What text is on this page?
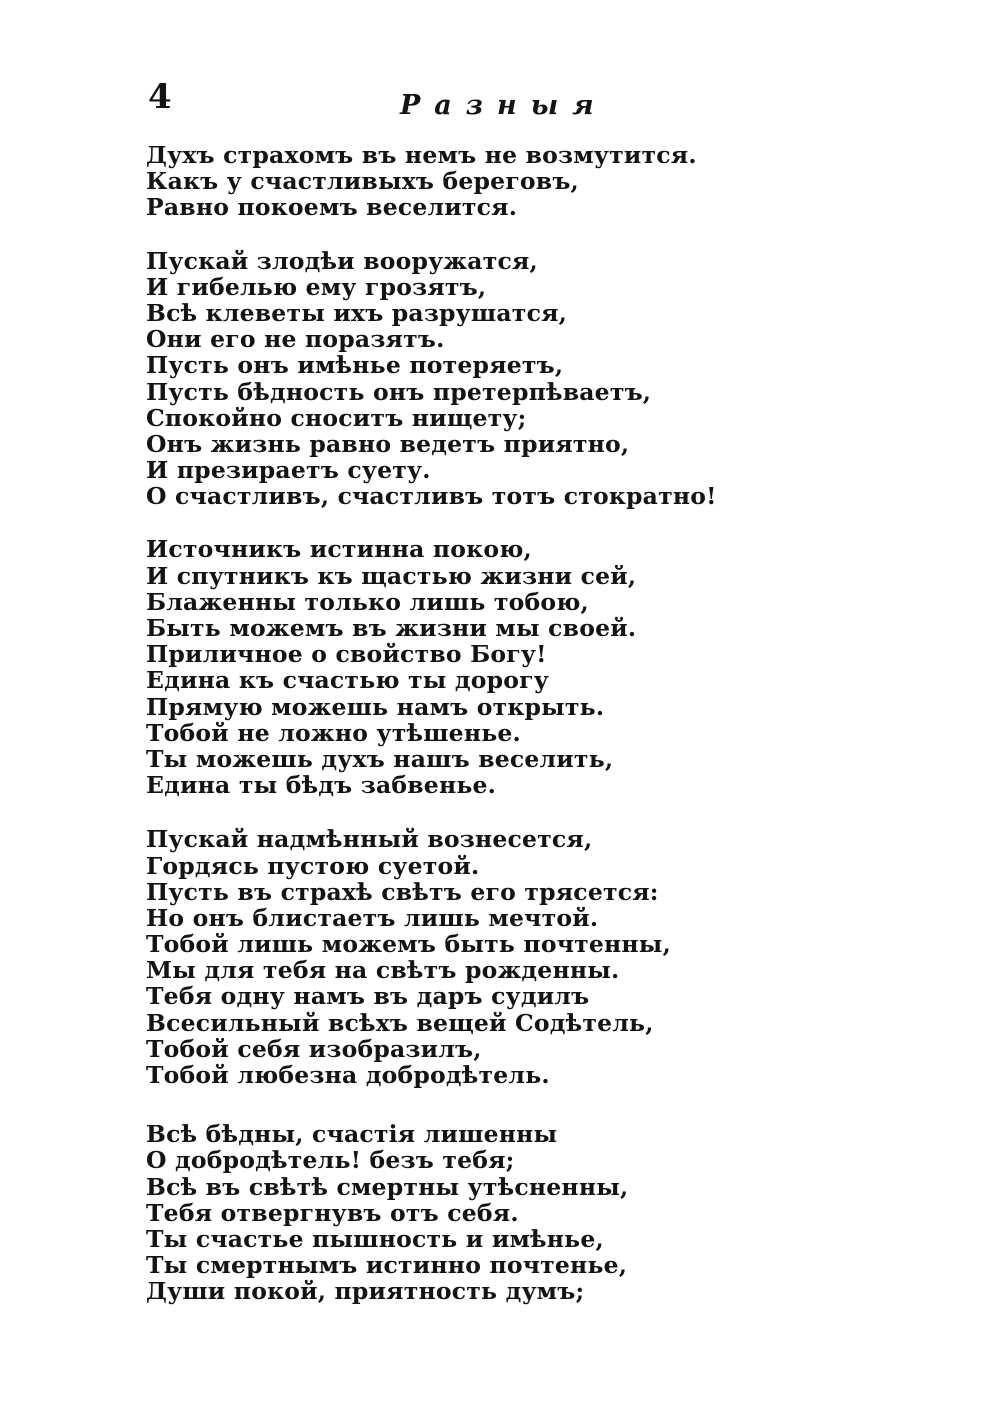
4	Разныя
Духъ страхомъ въ немъ не возмутится.
Какъ у счастливыхъ береговъ,
Равно покоемъ веселится.
Пускай злодѣи вооружатся,
И гибелью ему грозятъ,
Всѣ клеветы ихъ разрушатся,
Они его не поразятъ.
Пусть онъ имѣнье потеряетъ,
Пусть бѣдность онъ претерпѣваетъ,
Спокойно сноситъ нищету;
Онъ жизнь равно ведетъ приятно,
И презираетъ суету.
О счастливъ, счастливъ тотъ стократно!
Источникъ истинна покою,
И спутникъ къ щастью жизни сей,
Блаженны только лишь тобою,
Быть можемъ въ жизни мы своей.
Приличное о свойство Богу!
Едина къ счастью ты дорогу
Прямую можешь намъ открыть.
Тобой не ложно утѣшенье.
Ты можешь духъ нашъ веселить,
Едина ты бѣдъ забвенье.
Пускай надмѣнный вознесется,
Гордясь пустою суетой.
Пусть въ страхѣ свѣтъ его трясется:
Но онъ блистаетъ лишь мечтой.
Тобой лишь можемъ быть почтенны,
Мы для тебя на свѣтъ рожденны.
Тебя одну намъ въ даръ судилъ
Всесильный всѣхъ вещей Содѣтель,
Тобой себя изобразилъ,
Тобой любезна добродѣтель.
Всѣ бѣдны, счастія лишенны
О добродѣтель! безъ тебя;
Всѣ въ свѣтѣ смертны утѣсненны,
Тебя отвергнувъ отъ себя.
Ты счастье пышность и имѣнье,
Ты смертнымъ истинно почтенье,
Души покой, приятность думъ;
